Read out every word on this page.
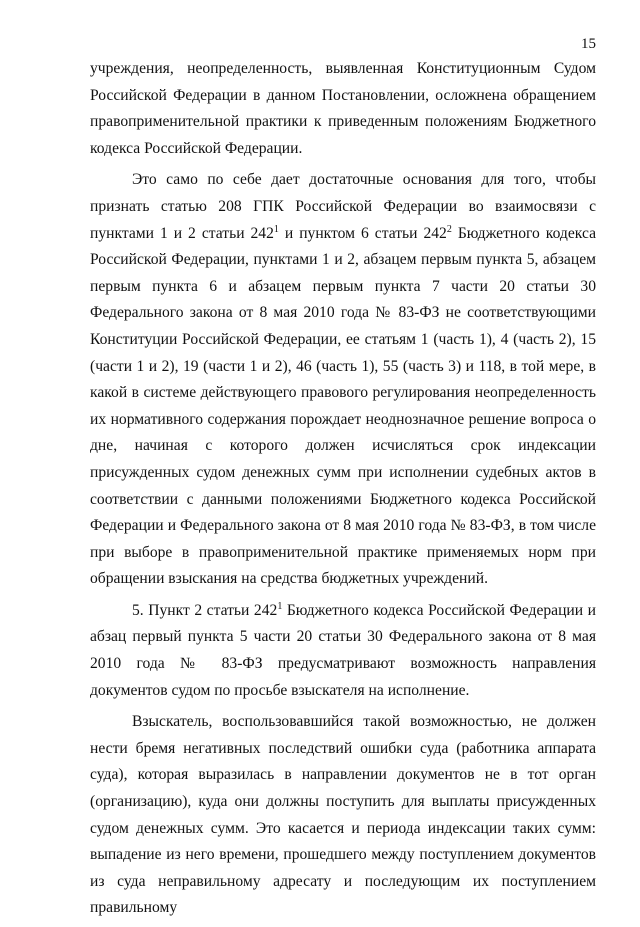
15

учреждения, неопределенность, выявленная Конституционным Судом Российской Федерации в данном Постановлении, осложнена обращением правоприменительной практики к приведенным положениям Бюджетного кодекса Российской Федерации.

Это само по себе дает достаточные основания для того, чтобы признать статью 208 ГПК Российской Федерации во взаимосвязи с пунктами 1 и 2 статьи $242^1$ и пунктом 6 статьи $242^2$ Бюджетного кодекса Российской Федерации, пунктами 1 и 2, абзацем первым пункта 5, абзацем первым пункта 6 и абзацем первым пункта 7 части 20 статьи 30 Федерального закона от 8 мая 2010 года № 83-ФЗ не соответствующими Конституции Российской Федерации, ее статьям 1 (часть 1), 4 (часть 2), 15 (части 1 и 2), 19 (части 1 и 2), 46 (часть 1), 55 (часть 3) и 118, в той мере, в какой в системе действующего правового регулирования неопределенность их нормативного содержания порождает неоднозначное решение вопроса о дне, начиная с которого должен исчисляться срок индексации присужденных судом денежных сумм при исполнении судебных актов в соответствии с данными положениями Бюджетного кодекса Российской Федерации и Федерального закона от 8 мая 2010 года № 83-ФЗ, в том числе при выборе в правоприменительной практике применяемых норм при обращении взыскания на средства бюджетных учреждений.

5. Пункт 2 статьи $242^1$ Бюджетного кодекса Российской Федерации и абзац первый пункта 5 части 20 статьи 30 Федерального закона от 8 мая 2010 года № 83-ФЗ предусматривают возможность направления документов судом по просьбе взыскателя на исполнение.

Взыскатель, воспользовавшийся такой возможностью, не должен нести бремя негативных последствий ошибки суда (работника аппарата суда), которая выразилась в направлении документов не в тот орган (организацию), куда они должны поступить для выплаты присужденных судом денежных сумм. Это касается и периода индексации таких сумм: выпадение из него времени, прошедшего между поступлением документов из суда неправильному адресату и последующим их поступлением правильному
